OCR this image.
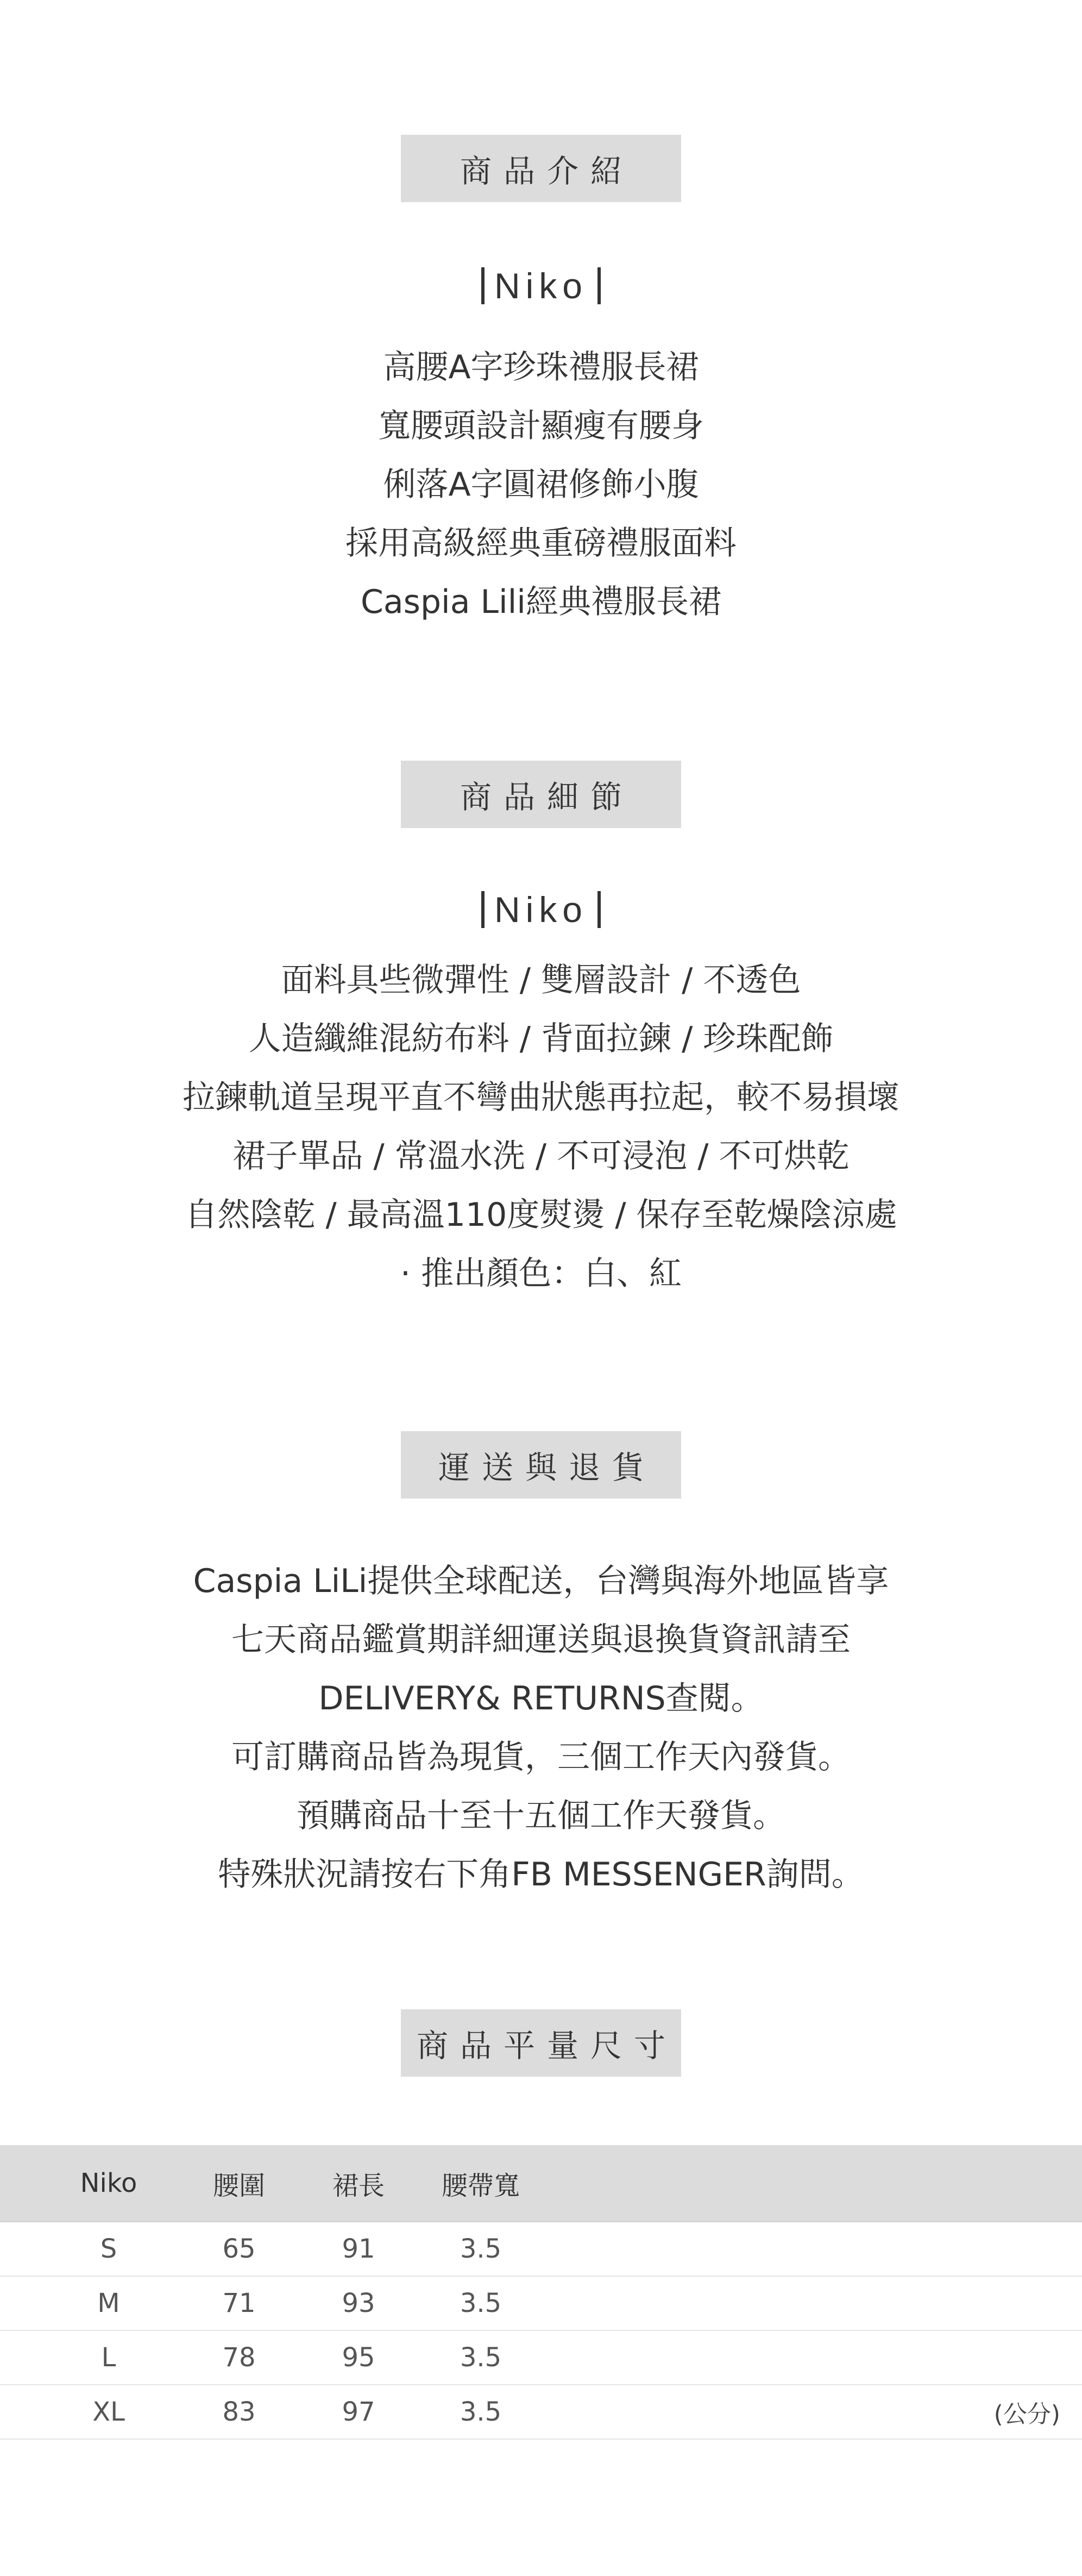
商品介紹
Niko
高腰A字珍珠禮服長裙
寬腰頭設計顯瘦有腰身
俐落A字圓裙修飾小腹
採用高級經典重磅禮服面料
Caspia Lili經典禮服長裙
商品細節
Niko
面料具些微彈性 / 雙層設計 / 不透色
人造纖維混紡布料 / 背面拉鍊 / 珍珠配飾
拉鍊軌道呈現平直不彎曲狀態再拉起，較不易損壞
裙子單品 / 常溫水洗 / 不可浸泡 / 不可烘乾
自然陰乾 / 最高溫110度熨燙 / 保存至乾燥陰涼處
· 推出顏色：白、紅
運送與退貨
Caspia LiLi提供全球配送，台灣與海外地區皆享
七天商品鑑賞期詳細運送與退換貨資訊請至
DELIVERY& RETURNS查閱。
可訂購商品皆為現貨，三個工作天內發貨。
預購商品十至十五個工作天發貨。
特殊狀況請按右下角FB MESSENGER詢問。
商品平量尺寸
Niko	腰圍	裙長	腰帶寬
S	65	91	3.5
M	71	93	3.5
L	78	95	3.5
XL	83	97	3.5	(公分)
